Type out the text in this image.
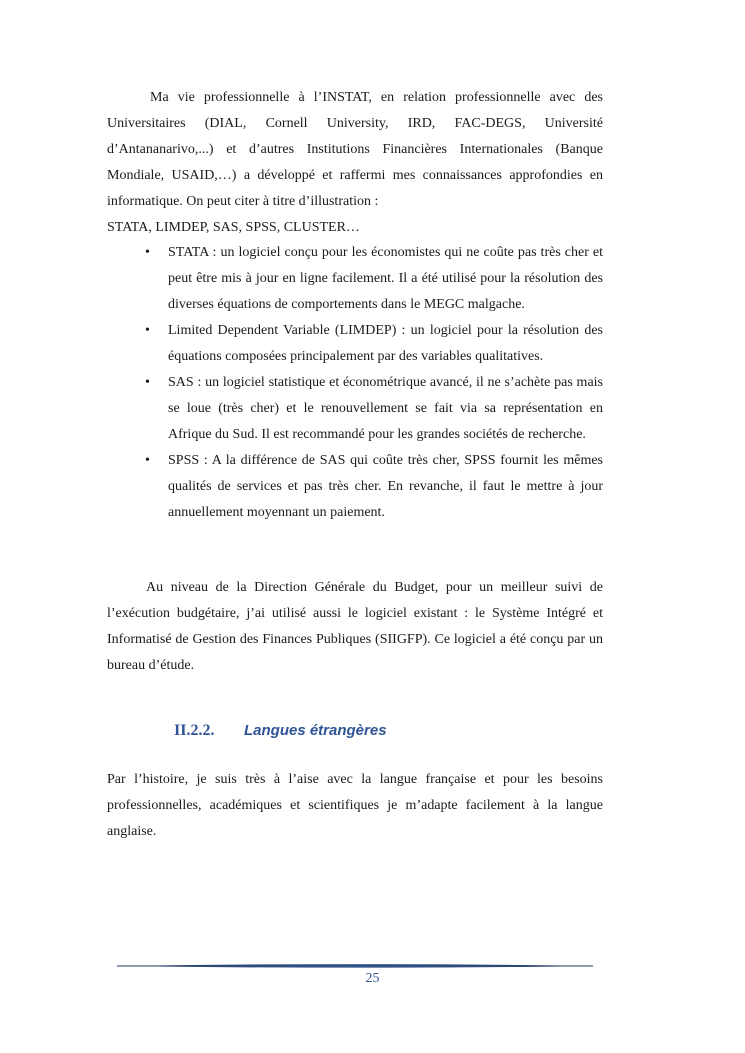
Ma vie professionnelle à l’INSTAT, en relation professionnelle avec des Universitaires (DIAL, Cornell University, IRD, FAC-DEGS, Université d’Antananarivo,...) et d’autres Institutions Financières Internationales (Banque Mondiale, USAID,…) a développé et raffermi mes connaissances approfondies en informatique. On peut citer à titre d’illustration :

STATA, LIMDEP, SAS, SPSS, CLUSTER…

• STATA : un logiciel conçu pour les économistes qui ne coûte pas très cher et peut être mis à jour en ligne facilement. Il a été utilisé pour la résolution des diverses équations de comportements dans le MEGC malgache.
• Limited Dependent Variable (LIMDEP) : un logiciel pour la résolution des équations composées principalement par des variables qualitatives.
• SAS : un logiciel statistique et économétrique avancé, il ne s’achète pas mais se loue (très cher) et le renouvellement se fait via sa représentation en Afrique du Sud. Il est recommandé pour les grandes sociétés de recherche.
• SPSS : A la différence de SAS qui coûte très cher, SPSS fournit les mêmes qualités de services et pas très cher. En revanche, il faut le mettre à jour annuellement moyennant un paiement.

Au niveau de la Direction Générale du Budget, pour un meilleur suivi de l’exécution budgétaire, j’ai utilisé aussi le logiciel existant : le Système Intégré et Informatisé de Gestion des Finances Publiques (SIIGFP). Ce logiciel a été conçu par un bureau d’étude.

II.2.2. Langues étrangères

Par l’histoire, je suis très à l’aise avec la langue française et pour les besoins professionnelles, académiques et scientifiques je m’adapte facilement à la langue anglaise.

25
